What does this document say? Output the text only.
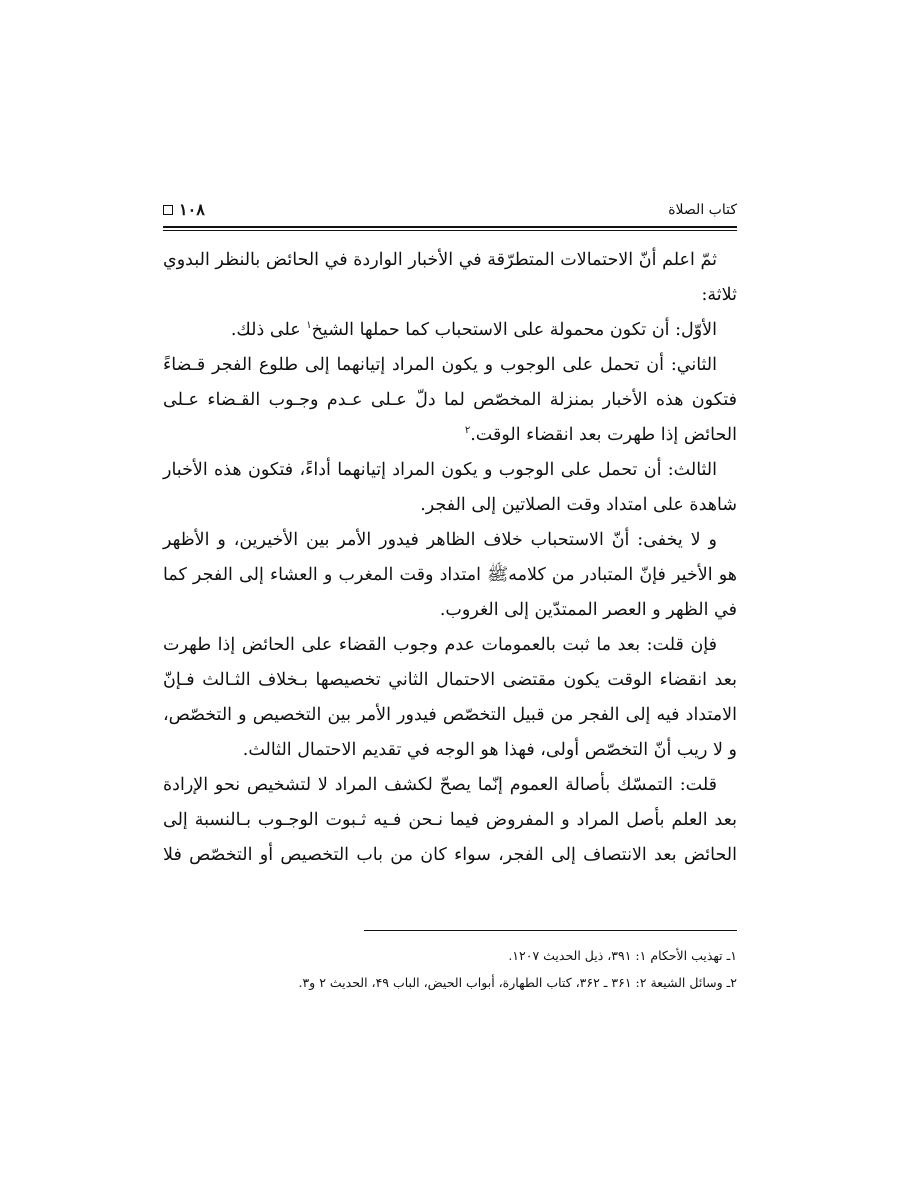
کتاب الصلاة
۱۰۸

ثمّ اعلم أنّ الاحتمالات المتطرّقة في الأخبار الواردة في الحائض بالنظر البدوي
ثلاثة:

الأوّل: أن تكون محمولة على الاستحباب كما حملها الشيخ$^۱$ على ذلك.

الثاني: أن تحمل على الوجوب و يكون المراد إتيانهما إلى طلوع الفجر قـضاءً
فتكون هذه الأخبار بمنزلة المخصّص لما دلّ عـلى عـدم وجـوب القـضاء عـلى
الحائض إذا طهرت بعد انقضاء الوقت.$^۲$

الثالث: أن تحمل على الوجوب و يكون المراد إتيانهما أداءً، فتكون هذه الأخبار
شاهدة على امتداد وقت الصلاتين إلى الفجر.

و لا يخفى: أنّ الاستحباب خلاف الظاهر فيدور الأمر بين الأخيرين، و الأظهر
هو الأخير فإنّ المتبادر من كلامهﷺ امتداد وقت المغرب و العشاء إلى الفجر كما
في الظهر و العصر الممتدّين إلى الغروب.

فإن قلت: بعد ما ثبت بالعمومات عدم وجوب القضاء على الحائض إذا طهرت
بعد انقضاء الوقت يكون مقتضى الاحتمال الثاني تخصيصها بـخلاف الثـالث فـإنّ
الامتداد فيه إلى الفجر من قبيل التخصّص فيدور الأمر بين التخصيص و التخصّص،
و لا ريب أنّ التخصّص أولى، فهذا هو الوجه في تقديم الاحتمال الثالث.

قلت: التمسّك بأصالة العموم إنّما يصحّ لكشف المراد لا لتشخيص نحو الإرادة
بعد العلم بأصل المراد و المفروض فيما نـحن فـيه ثـبوت الوجـوب بـالنسبة إلى
الحائض بعد الانتصاف إلى الفجر، سواء كان من باب التخصيص أو التخصّص فلا

۱ـ تهذيب الأحكام ۱: ۳۹۱، ذيل الحديث ۱۲۰۷.
۲ـ وسائل الشيعة ۲: ۳۶۱ ـ ۳۶۲، کتاب الطهارة، أبواب الحيض، الباب ۴۹، الحديث ۲ و۳.
